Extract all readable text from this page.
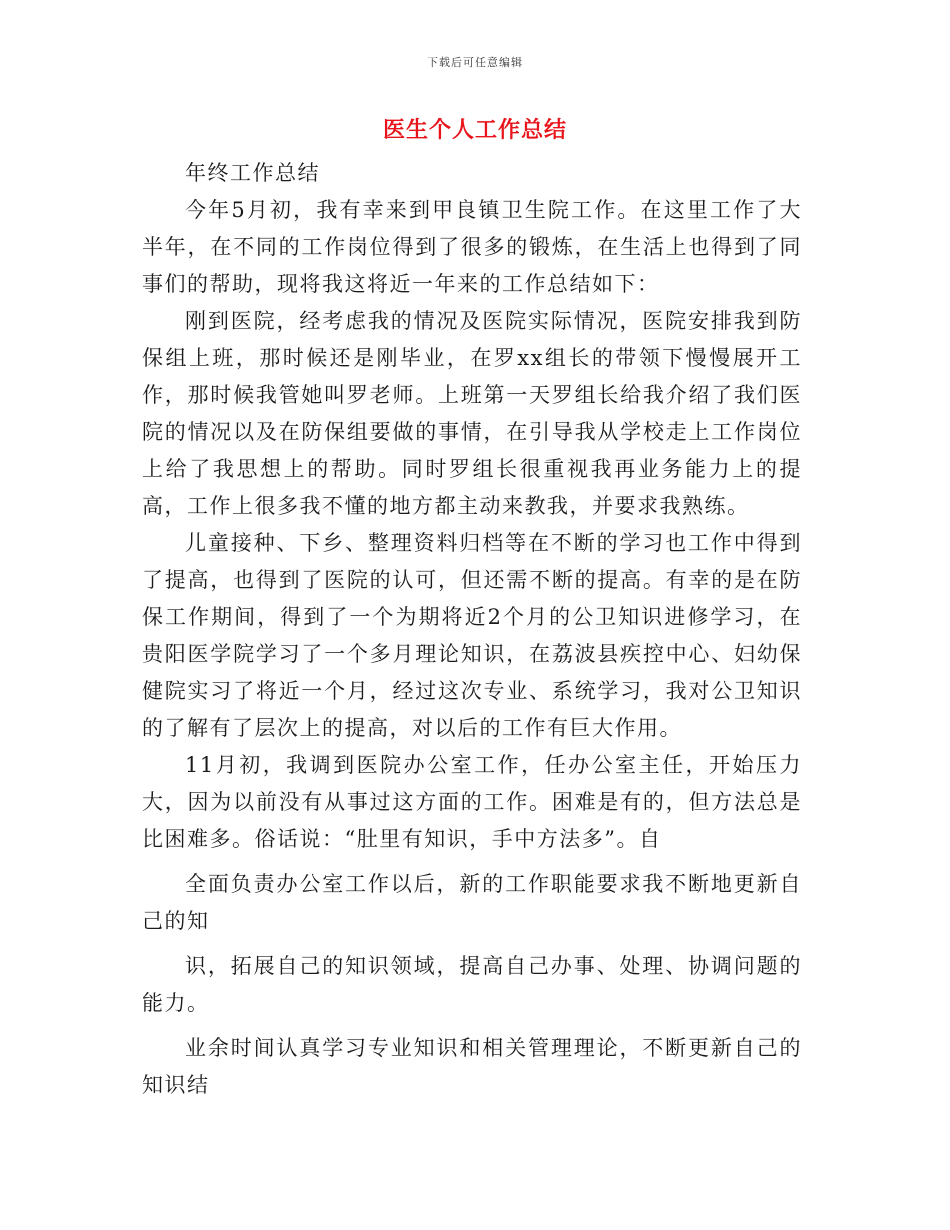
下载后可任意编辑
医生个人工作总结

年终工作总结

今年5月初，我有幸来到甲良镇卫生院工作。在这里工作了大半年，在不同的工作岗位得到了很多的锻炼，在生活上也得到了同事们的帮助，现将我这将近一年来的工作总结如下：

刚到医院，经考虑我的情况及医院实际情况，医院安排我到防保组上班，那时候还是刚毕业，在罗xx组长的带领下慢慢展开工作，那时候我管她叫罗老师。上班第一天罗组长给我介绍了我们医院的情况以及在防保组要做的事情，在引导我从学校走上工作岗位上给了我思想上的帮助。同时罗组长很重视我再业务能力上的提高，工作上很多我不懂的地方都主动来教我，并要求我熟练。

儿童接种、下乡、整理资料归档等在不断的学习也工作中得到了提高，也得到了医院的认可，但还需不断的提高。有幸的是在防保工作期间，得到了一个为期将近2个月的公卫知识进修学习，在贵阳医学院学习了一个多月理论知识，在荔波县疾控中心、妇幼保健院实习了将近一个月，经过这次专业、系统学习，我对公卫知识的了解有了层次上的提高，对以后的工作有巨大作用。

11月初，我调到医院办公室工作，任办公室主任，开始压力大，因为以前没有从事过这方面的工作。困难是有的，但方法总是比困难多。俗话说：“肚里有知识，手中方法多”。自

全面负责办公室工作以后，新的工作职能要求我不断地更新自己的知

识，拓展自己的知识领域，提高自己办事、处理、协调问题的能力。

业余时间认真学习专业知识和相关管理理论，不断更新自己的知识结
